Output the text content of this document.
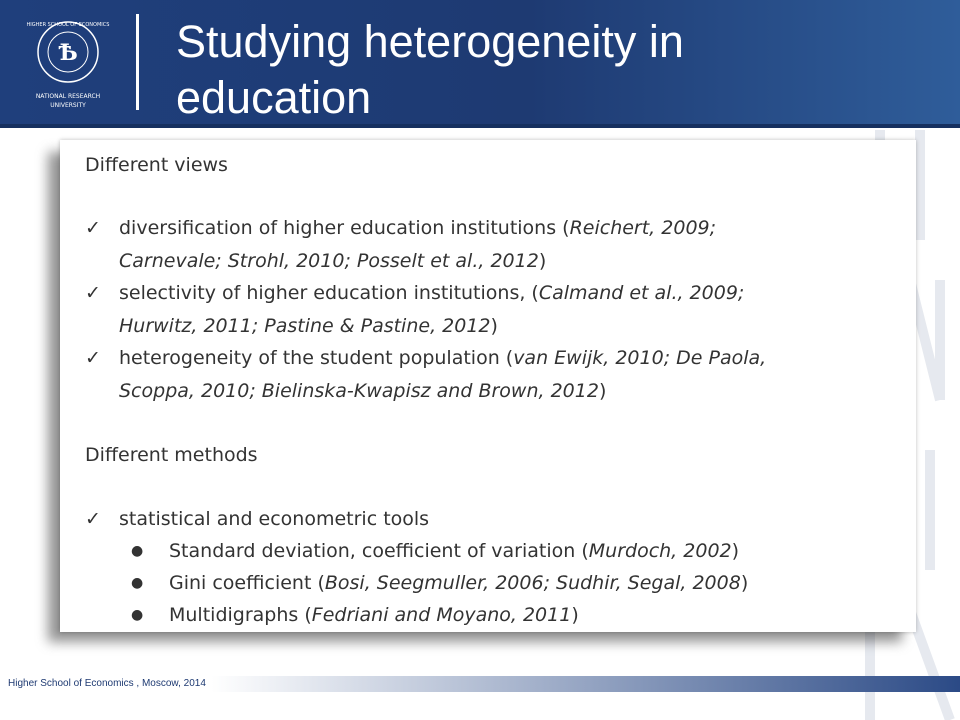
Ѣ
HIGHER SCHOOL OF ECONOMICS
NATIONAL RESEARCH
UNIVERSITY
Studying heterogeneity in
education
Different views
✓ diversification of higher education institutions (Reichert, 2009;
Carnevale; Strohl, 2010; Posselt et al., 2012)
✓ selectivity of higher education institutions, (Calmand et al., 2009;
Hurwitz, 2011; Pastine & Pastine, 2012)
✓ heterogeneity of the student population (van Ewijk, 2010; De Paola,
Scoppa, 2010; Bielinska-Kwapisz and Brown, 2012)
Different methods
✓ statistical and econometric tools
● Standard deviation, coefficient of variation (Murdoch, 2002)
● Gini coefficient (Bosi, Seegmuller, 2006; Sudhir, Segal, 2008)
● Multidigraphs (Fedriani and Moyano, 2011)
Higher School of Economics , Moscow, 2014
